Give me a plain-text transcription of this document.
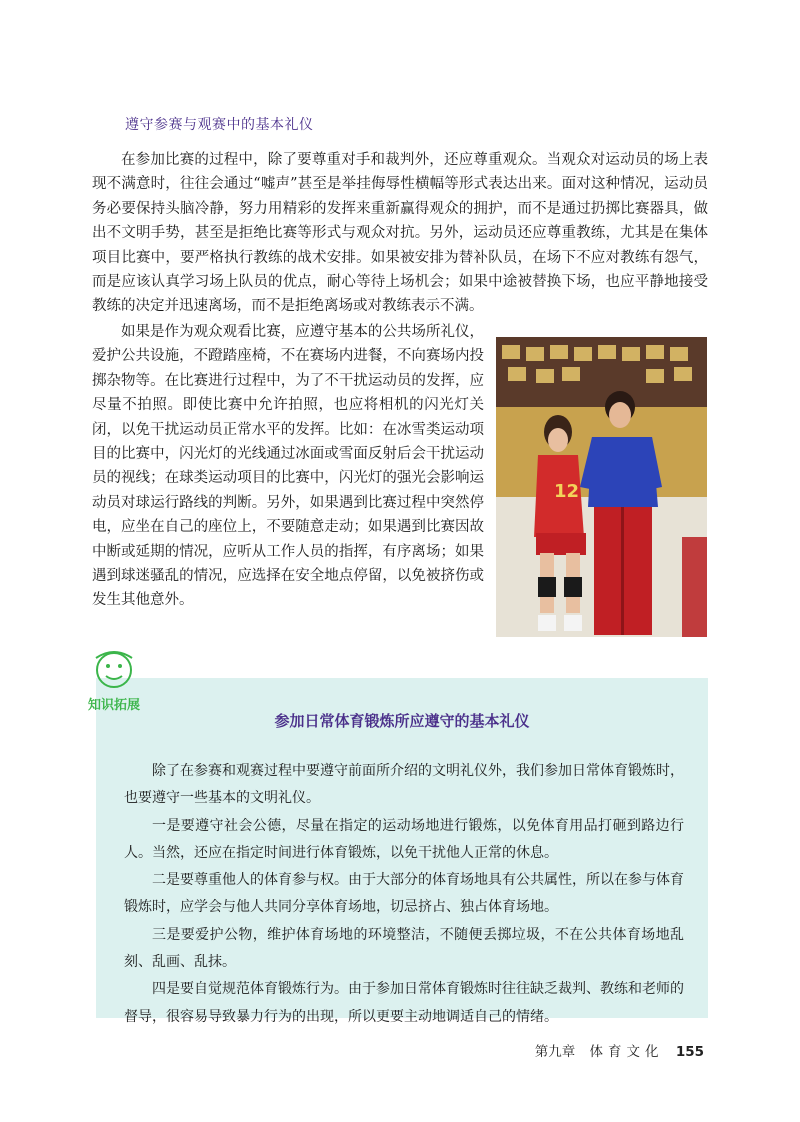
遵守参赛与观赛中的基本礼仪

在参加比赛的过程中，除了要尊重对手和裁判外，还应尊重观众。当观众对运动员的场上表现不满意时，往往会通过“嘘声”甚至是举挂侮辱性横幅等形式表达出来。面对这种情况，运动员务必要保持头脑冷静，努力用精彩的发挥来重新赢得观众的拥护，而不是通过扔掷比赛器具，做出不文明手势，甚至是拒绝比赛等形式与观众对抗。另外，运动员还应尊重教练，尤其是在集体项目比赛中，要严格执行教练的战术安排。如果被安排为替补队员，在场下不应对教练有怨气，而是应该认真学习场上队员的优点，耐心等待上场机会；如果中途被替换下场，也应平静地接受教练的决定并迅速离场，而不是拒绝离场或对教练表示不满。

如果是作为观众观看比赛，应遵守基本的公共场所礼仪，爱护公共设施，不蹬踏座椅，不在赛场内进餐，不向赛场内投掷杂物等。在比赛进行过程中，为了不干扰运动员的发挥，应尽量不拍照。即使比赛中允许拍照，也应将相机的闪光灯关闭，以免干扰运动员正常水平的发挥。比如：在冰雪类运动项目的比赛中，闪光灯的光线通过冰面或雪面反射后会干扰运动员的视线；在球类运动项目的比赛中，闪光灯的强光会影响运动员对球运行路线的判断。另外，如果遇到比赛过程中突然停电，应坐在自己的座位上，不要随意走动；如果遇到比赛因故中断或延期的情况，应听从工作人员的指挥，有序离场；如果遇到球迷骚乱的情况，应选择在安全地点停留，以免被挤伤或发生其他意外。

12
参加日常体育锻炼所应遵守的基本礼仪

除了在参赛和观赛过程中要遵守前面所介绍的文明礼仪外，我们参加日常体育锻炼时，也要遵守一些基本的文明礼仪。

一是要遵守社会公德，尽量在指定的运动场地进行锻炼，以免体育用品打砸到路边行人。当然，还应在指定时间进行体育锻炼，以免干扰他人正常的休息。

二是要尊重他人的体育参与权。由于大部分的体育场地具有公共属性，所以在参与体育锻炼时，应学会与他人共同分享体育场地，切忌挤占、独占体育场地。

三是要爱护公物，维护体育场地的环境整洁，不随便丢掷垃圾，不在公共体育场地乱刻、乱画、乱抹。

四是要自觉规范体育锻炼行为。由于参加日常体育锻炼时往往缺乏裁判、教练和老师的督导，很容易导致暴力行为的出现，所以更要主动地调适自己的情绪。

知识拓展
第九章 体育文化 155
